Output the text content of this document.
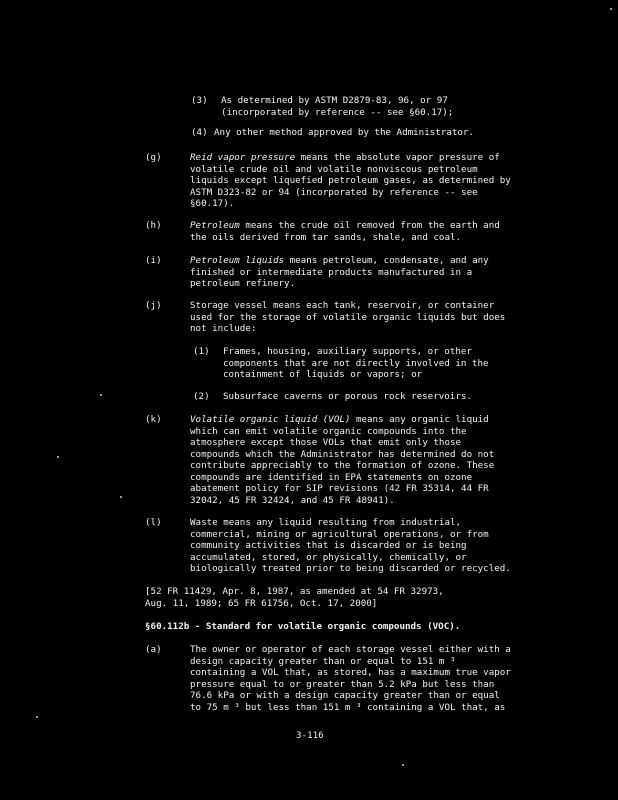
(3) As determined by ASTM D2879-83, 96, or 97
(incorporated by reference -- see §60.17);
(4) Any other method approved by the Administrator.
(g)	Reid vapor pressure means the absolute vapor pressure of
volatile crude oil and volatile nonviscous petroleum
liquids except liquefied petroleum gases, as determined by
ASTM D323-82 or 94 (incorporated by reference -- see
§60.17).
(h)	Petroleum means the crude oil removed from the earth and
the oils derived from tar sands, shale, and coal.
(i)	Petroleum liquids means petroleum, condensate, and any
finished or intermediate products manufactured in a
petroleum refinery.
(j)	Storage vessel means each tank, reservoir, or container
used for the storage of volatile organic liquids but does
not include:
(1) Frames, housing, auxiliary supports, or other
components that are not directly involved in the
containment of liquids or vapors; or
(2) Subsurface caverns or porous rock reservoirs.
(k)	Volatile organic liquid (VOL) means any organic liquid
which can emit volatile organic compounds into the
atmosphere except those VOLs that emit only those
compounds which the Administrator has determined do not
contribute appreciably to the formation of ozone. These
compounds are identified in EPA statements on ozone
abatement policy for SIP revisions (42 FR 35314, 44 FR
32042, 45 FR 32424, and 45 FR 48941).
(l)	Waste means any liquid resulting from industrial,
commercial, mining or agricultural operations, or from
community activities that is discarded or is being
accumulated, stored, or physically, chemically, or
biologically treated prior to being discarded or recycled.
[52 FR 11429, Apr. 8, 1987, as amended at 54 FR 32973,
Aug. 11, 1989; 65 FR 61756, Oct. 17, 2000]
§60.112b - Standard for volatile organic compounds (VOC).
(a)	The owner or operator of each storage vessel either with a
design capacity greater than or equal to 151 m ³
containing a VOL that, as stored, has a maximum true vapor
pressure equal to or greater than 5.2 kPa but less than
76.6 kPa or with a design capacity greater than or equal
to 75 m ³ but less than 151 m ³ containing a VOL that, as
3-116
